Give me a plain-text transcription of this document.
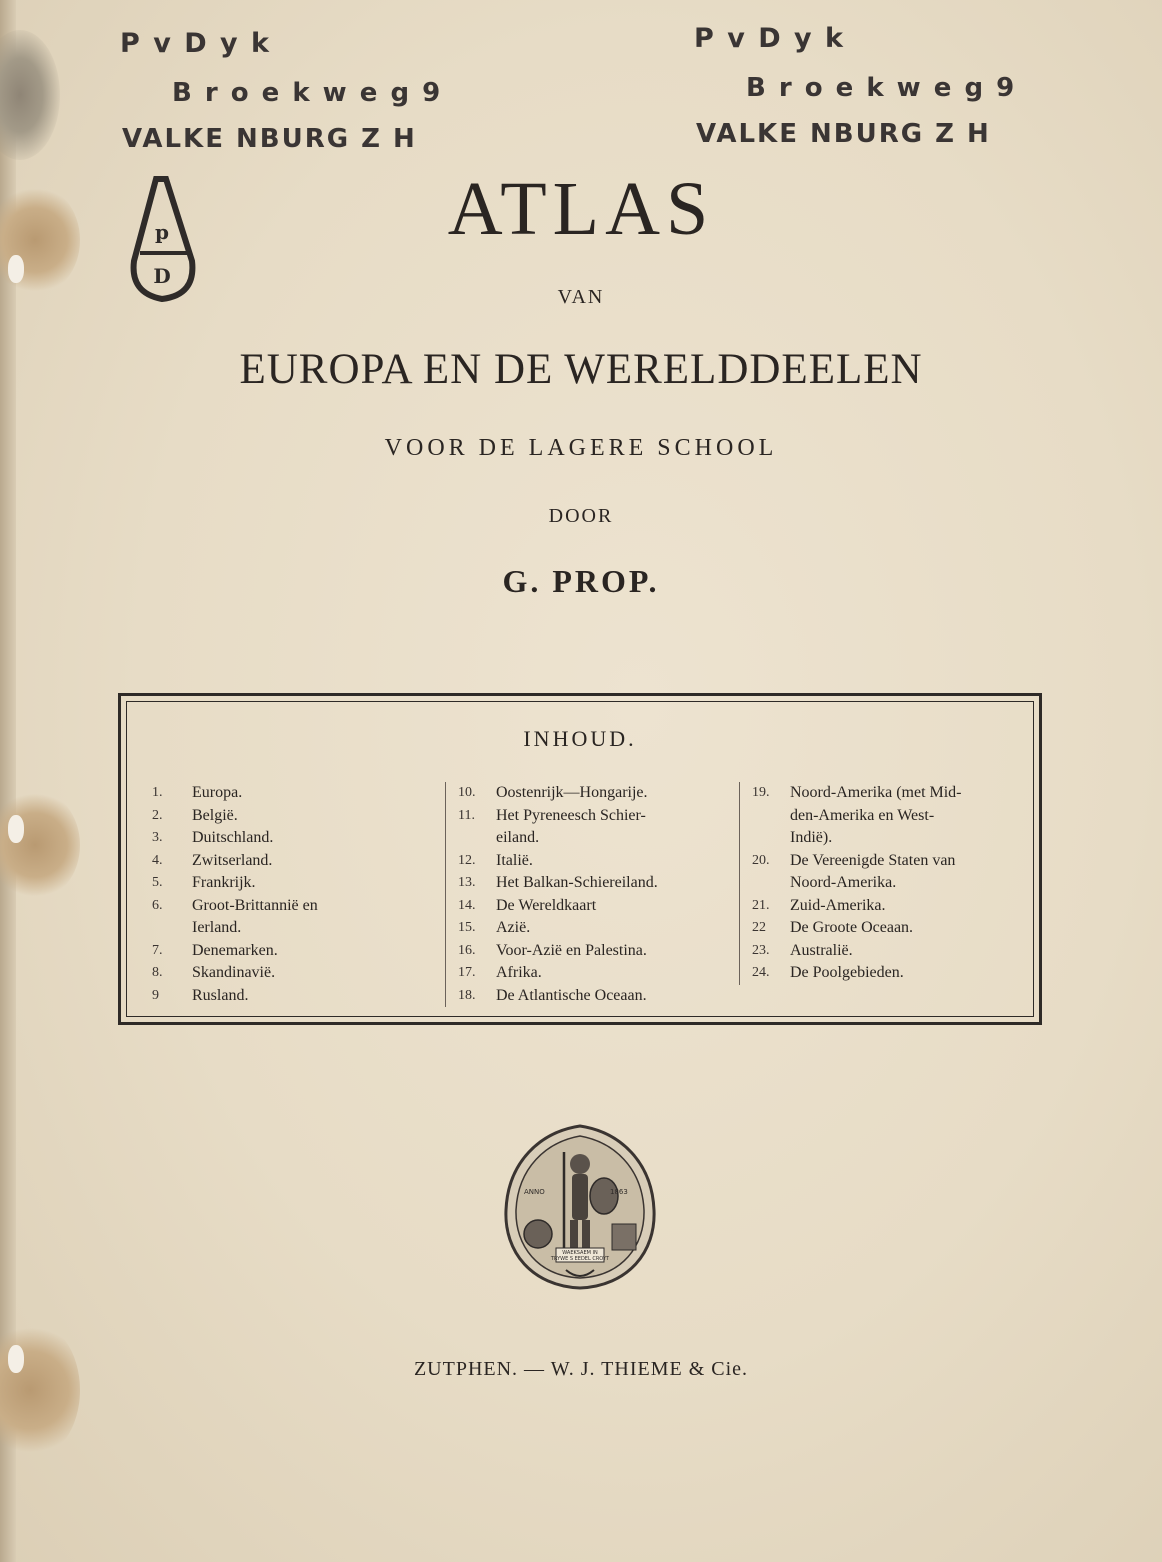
P v D y k
B r o e k w e g 9
VALKE NBURG Z H
P v D y k
B r o e k w e g 9
VALKE NBURG Z H
p
D
ATLAS
VAN
EUROPA EN DE WERELDDEELEN
VOOR DE LAGERE SCHOOL
DOOR
G. PROP.
INHOUD.
1.	Europa.
2.	België.
3.	Duitschland.
4.	Zwitserland.
5.	Frankrijk.
6.	Groot-Brittannië en
Ierland.
7.	Denemarken.
8.	Skandinavië.
9	Rusland.
10.	Oostenrijk—Hongarije.
11.	Het Pyreneesch Schier-
eiland.
12.	Italië.
13.	Het Balkan-Schiereiland.
14.	De Wereldkaart
15.	Azië.
16.	Voor-Azië en Palestina.
17.	Afrika.
18.	De Atlantische Oceaan.
19.	Noord-Amerika (met Mid-
den-Amerika en West-
Indië).
20.	De Vereenigde Staten van
Noord-Amerika.
21.	Zuid-Amerika.
22	De Groote Oceaan.
23.	Australië.
24.	De Poolgebieden.
ANNO	1863
WAEKSAEM IN
TRYWE S EEDEL CROYT
ZUTPHEN. — W. J. THIEME & Cie.
